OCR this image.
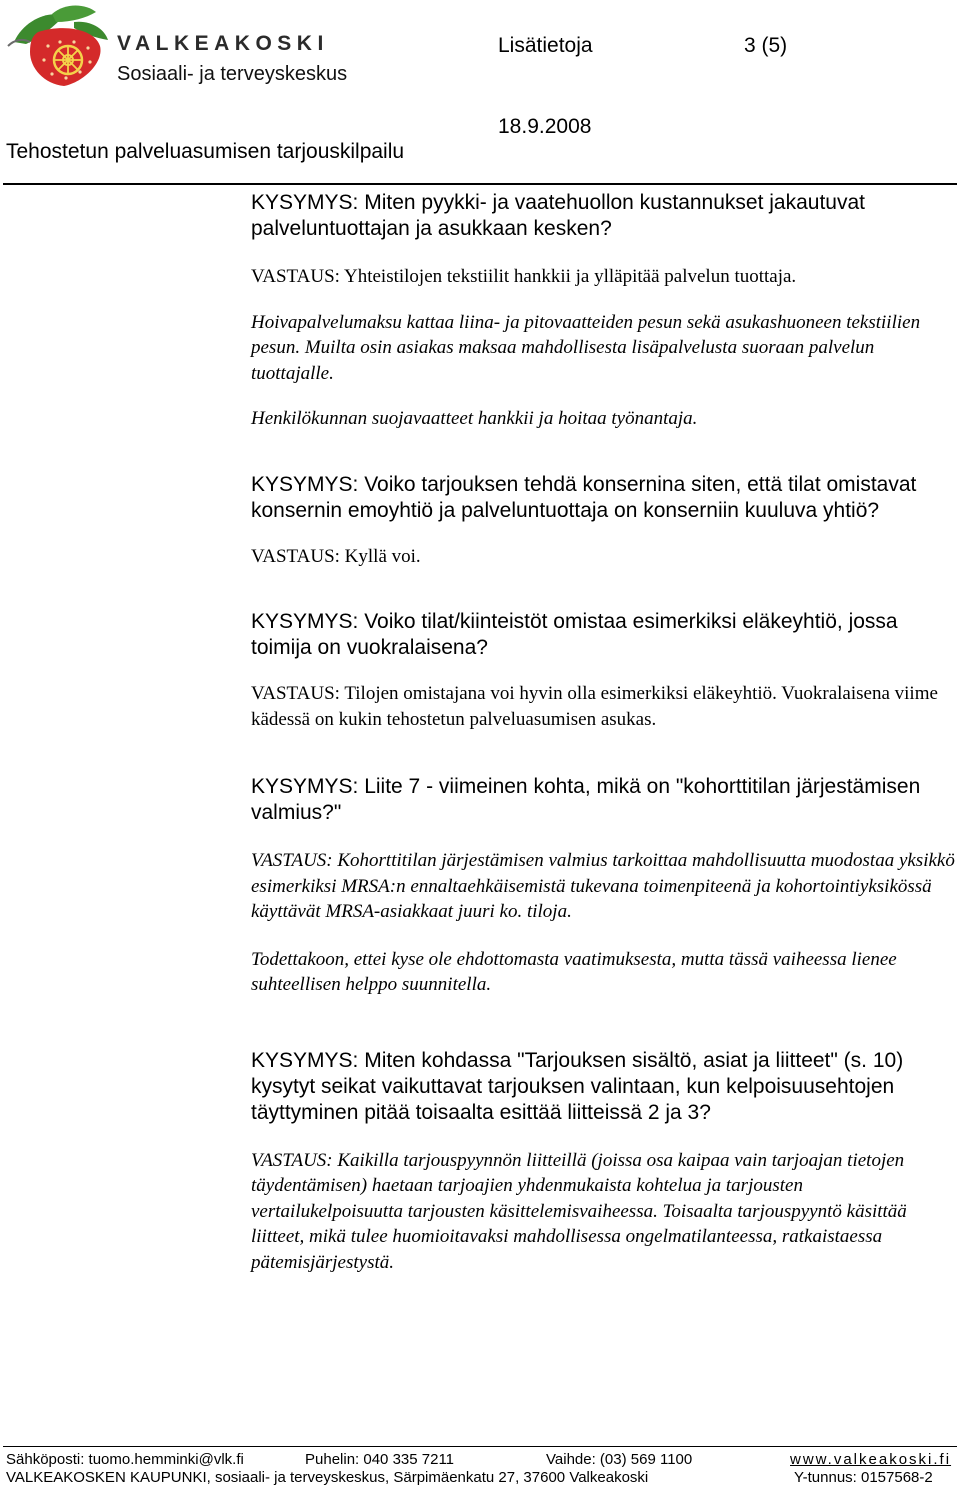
VALKEAKOSKI
Sosiaali- ja terveyskeskus
Lisätietoja	3 (5)
Tehostetun palveluasumisen tarjouskilpailu
18.9.2008

KYSYMYS: Miten pyykki- ja vaatehuollon kustannukset jakautuvat palveluntuottajan ja asukkaan kesken?

VASTAUS: Yhteistilojen tekstiilit hankkii ja ylläpitää palvelun tuottaja.

Hoivapalvelumaksu kattaa liina- ja pitovaatteiden pesun sekä asukashuoneen tekstiilien pesun. Muilta osin asiakas maksaa mahdollisesta lisäpalvelusta suoraan palvelun tuottajalle.

Henkilökunnan suojavaatteet hankkii ja hoitaa työnantaja.

KYSYMYS: Voiko tarjouksen tehdä konsernina siten, että tilat omistavat konsernin emoyhtiö ja palveluntuottaja on konserniin kuuluva yhtiö?

VASTAUS: Kyllä voi.

KYSYMYS: Voiko tilat/kiinteistöt omistaa esimerkiksi eläkeyhtiö, jossa toimija on vuokralaisena?

VASTAUS: Tilojen omistajana voi hyvin olla esimerkiksi eläkeyhtiö. Vuokralaisena viime kädessä on kukin tehostetun palveluasumisen asukas.

KYSYMYS: Liite 7 - viimeinen kohta, mikä on "kohorttitilan järjestämisen valmius?"

VASTAUS: Kohorttitilan järjestämisen valmius tarkoittaa mahdollisuutta muodostaa yksikkö esimerkiksi MRSA:n ennaltaehkäisemistä tukevana toimenpiteenä ja kohortointiyksikössä käyttävät MRSA-asiakkaat juuri ko. tiloja.

Todettakoon, ettei kyse ole ehdottomasta vaatimuksesta, mutta tässä vaiheessa lienee suhteellisen helppo suunnitella.

KYSYMYS: Miten kohdassa "Tarjouksen sisältö, asiat ja liitteet" (s. 10) kysytyt seikat vaikuttavat tarjouksen valintaan, kun kelpoisuusehtojen täyttyminen pitää toisaalta esittää liitteissä 2 ja 3?

VASTAUS: Kaikilla tarjouspyynnön liitteillä (joissa osa kaipaa vain tarjoajan tietojen täydentämisen) haetaan tarjoajien yhdenmukaista kohtelua ja tarjousten vertailukelpoisuutta tarjousten käsittelemisvaiheessa. Toisaalta tarjouspyyntö käsittää liitteet, mikä tulee huomioitavaksi mahdollisessa ongelmatilanteessa, ratkaistaessa pätemisjärjestystä.

Sähköposti: tuomo.hemminki@vlk.fi	Puhelin: 040 335 7211	Vaihde: (03) 569 1100	www.valkeakoski.fi
VALKEAKOSKEN KAUPUNKI, sosiaali- ja terveyskeskus, Särpimäenkatu 27, 37600 Valkeakoski	Y-tunnus: 0157568-2
